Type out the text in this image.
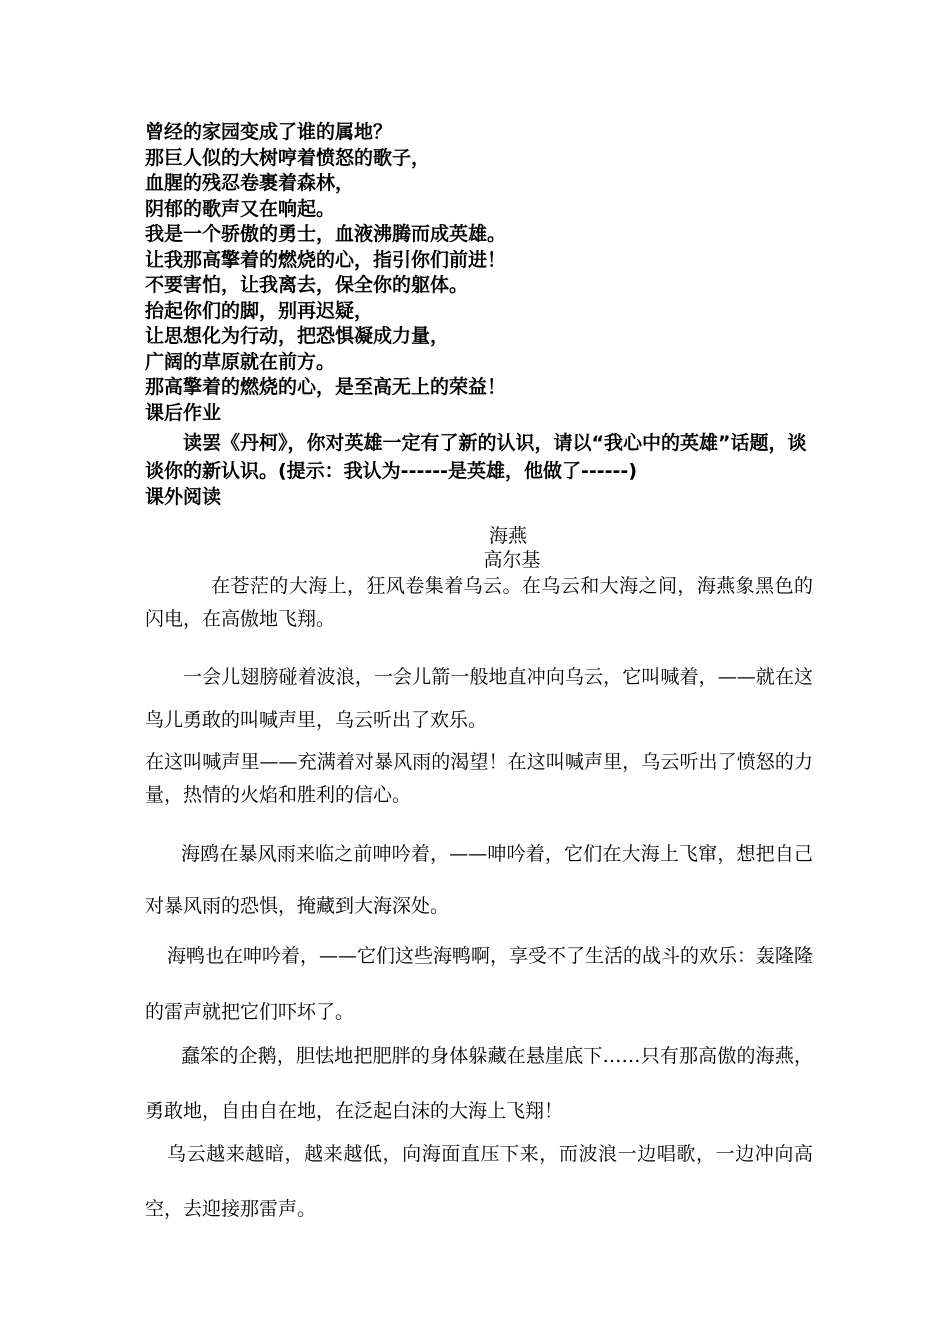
曾经的家园变成了谁的属地？
那巨人似的大树哼着愤怒的歌子，
血腥的残忍卷裹着森林，
阴郁的歌声又在响起。
我是一个骄傲的勇士，血液沸腾而成英雄。
让我那高擎着的燃烧的心，指引你们前进！
不要害怕，让我离去，保全你的躯体。
抬起你们的脚，别再迟疑，
让思想化为行动，把恐惧凝成力量，
广阔的草原就在前方。
那高擎着的燃烧的心，是至高无上的荣益！
课后作业
读罢《丹柯》，你对英雄一定有了新的认识，请以“我心中的英雄”话题，谈谈你的新认识。(提示：我认为------是英雄，他做了------)
课外阅读
海燕
高尔基
在苍茫的大海上，狂风卷集着乌云。在乌云和大海之间，海燕象黑色的闪电，在高傲地飞翔。
一会儿翅膀碰着波浪，一会儿箭一般地直冲向乌云，它叫喊着，——就在这鸟儿勇敢的叫喊声里，乌云听出了欢乐。
在这叫喊声里——充满着对暴风雨的渴望！在这叫喊声里，乌云听出了愤怒的力量，热情的火焰和胜利的信心。
海鸥在暴风雨来临之前呻吟着，——呻吟着，它们在大海上飞窜，想把自己对暴风雨的恐惧，掩藏到大海深处。
海鸭也在呻吟着，——它们这些海鸭啊，享受不了生活的战斗的欢乐：轰隆隆的雷声就把它们吓坏了。
蠢笨的企鹅，胆怯地把肥胖的身体躲藏在悬崖底下……只有那高傲的海燕，勇敢地，自由自在地，在泛起白沫的大海上飞翔！
乌云越来越暗，越来越低，向海面直压下来，而波浪一边唱歌，一边冲向高空，去迎接那雷声。
